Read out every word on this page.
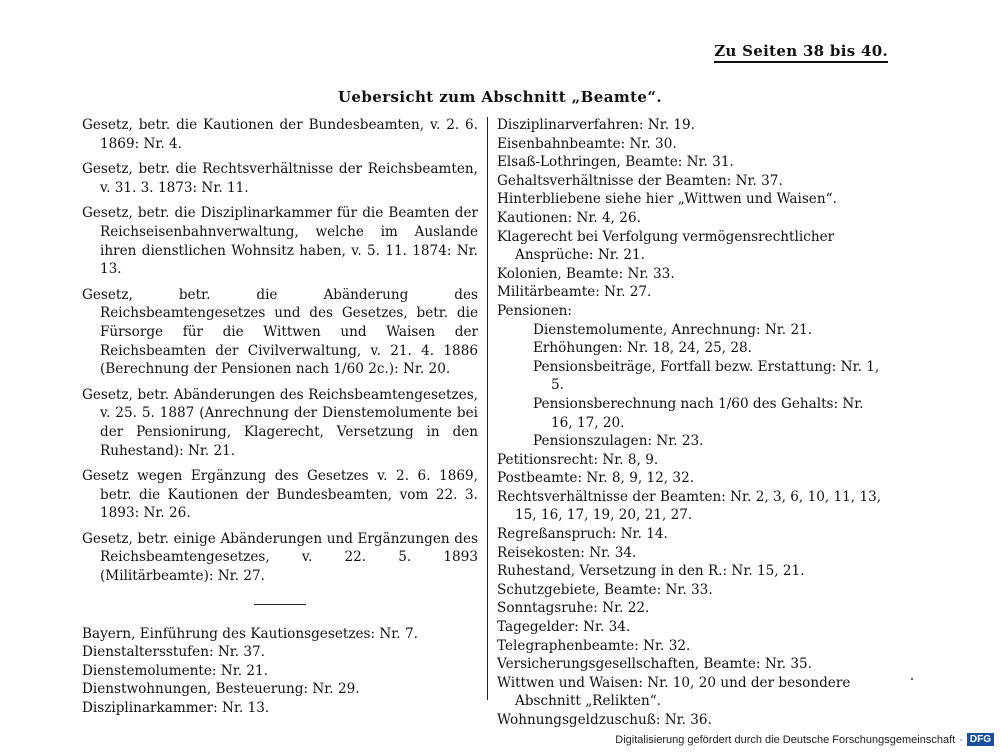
Zu Seiten 38 bis 40.
Uebersicht zum Abschnitt „Beamte“.

Gesetz, betr. die Kautionen der Bundesbeamten, v. 2. 6. 1869: Nr. 4.

Gesetz, betr. die Rechtsverhältnisse der Reichsbeamten, v. 31. 3. 1873: Nr. 11.

Gesetz, betr. die Disziplinarkammer für die Beamten der Reichseisenbahnverwaltung, welche im Auslande ihren dienstlichen Wohnsitz haben, v. 5. 11. 1874: Nr. 13.

Gesetz, betr. die Abänderung des Reichsbeamtengesetzes und des Gesetzes, betr. die Fürsorge für die Wittwen und Waisen der Reichsbeamten der Civilverwaltung, v. 21. 4. 1886 (Berechnung der Pensionen nach 1/60 2c.): Nr. 20.

Gesetz, betr. Abänderungen des Reichsbeamtengesetzes, v. 25. 5. 1887 (Anrechnung der Dienstemolumente bei der Pensionirung, Klagerecht, Versetzung in den Ruhestand): Nr. 21.

Gesetz wegen Ergänzung des Gesetzes v. 2. 6. 1869, betr. die Kautionen der Bundesbeamten, vom 22. 3. 1893: Nr. 26.

Gesetz, betr. einige Abänderungen und Ergänzungen des Reichsbeamtengesetzes, v. 22. 5. 1893 (Militärbeamte): Nr. 27.

Bayern, Einführung des Kautionsgesetzes: Nr. 7.

Dienstaltersstufen: Nr. 37.

Dienstemolumente: Nr. 21.

Dienstwohnungen, Besteuerung: Nr. 29.

Disziplinarkammer: Nr. 13.

Disziplinarverfahren: Nr. 19.

Eisenbahnbeamte: Nr. 30.

Elsaß-Lothringen, Beamte: Nr. 31.

Gehaltsverhältnisse der Beamten: Nr. 37.

Hinterbliebene siehe hier „Wittwen und Waisen“.

Kautionen: Nr. 4, 26.

Klagerecht bei Verfolgung vermögensrechtlicher Ansprüche: Nr. 21.

Kolonien, Beamte: Nr. 33.

Militärbeamte: Nr. 27.

Pensionen:

Dienstemolumente, Anrechnung: Nr. 21.

Erhöhungen: Nr. 18, 24, 25, 28.

Pensionsbeiträge, Fortfall bezw. Erstattung: Nr. 1, 5.

Pensionsberechnung nach 1/60 des Gehalts: Nr. 16, 17, 20.

Pensionszulagen: Nr. 23.

Petitionsrecht: Nr. 8, 9.

Postbeamte: Nr. 8, 9, 12, 32.

Rechtsverhältnisse der Beamten: Nr. 2, 3, 6, 10, 11, 13, 15, 16, 17, 19, 20, 21, 27.

Regreßanspruch: Nr. 14.

Reisekosten: Nr. 34.

Ruhestand, Versetzung in den R.: Nr. 15, 21.

Schutzgebiete, Beamte: Nr. 33.

Sonntagsruhe: Nr. 22.

Tagegelder: Nr. 34.

Telegraphenbeamte: Nr. 32.

Versicherungsgesellschaften, Beamte: Nr. 35.

Wittwen und Waisen: Nr. 10, 20 und der besondere Abschnitt „Relikten“.

Wohnungsgeldzuschuß: Nr. 36.

Digitalisierung gefördert durch die Deutsche Forschungsgemeinschaft · DFG
